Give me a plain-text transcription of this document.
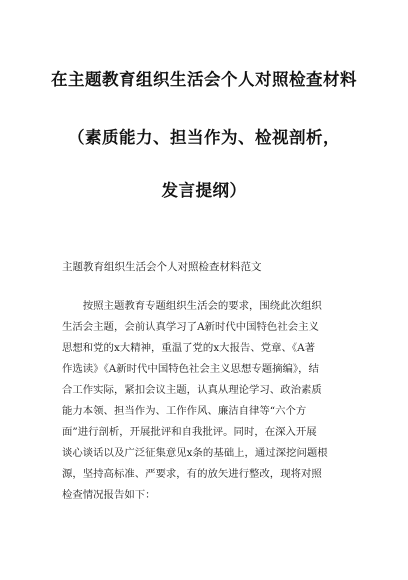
在主题教育组织生活会个人对照检查材料
（素质能力、担当作为、检视剖析，
发言提纲）
主题教育组织生活会个人对照检查材料范文
　　按照主题教育专题组织生活会的要求，围绕此次组织
生活会主题，会前认真学习了A新时代中国特色社会主义
思想和党的x大精神，重温了党的x大报告、党章、《A著
作选读》《A新时代中国特色社会主义思想专题摘编》，结
合工作实际，紧扣会议主题，认真从理论学习、政治素质
能力本领、担当作为、工作作风、廉洁自律等“六个方
面”进行剖析，开展批评和自我批评。同时，在深入开展
谈心谈话以及广泛征集意见x条的基础上，通过深挖问题根
源，坚持高标准、严要求，有的放矢进行整改，现将对照
检查情况报告如下：
